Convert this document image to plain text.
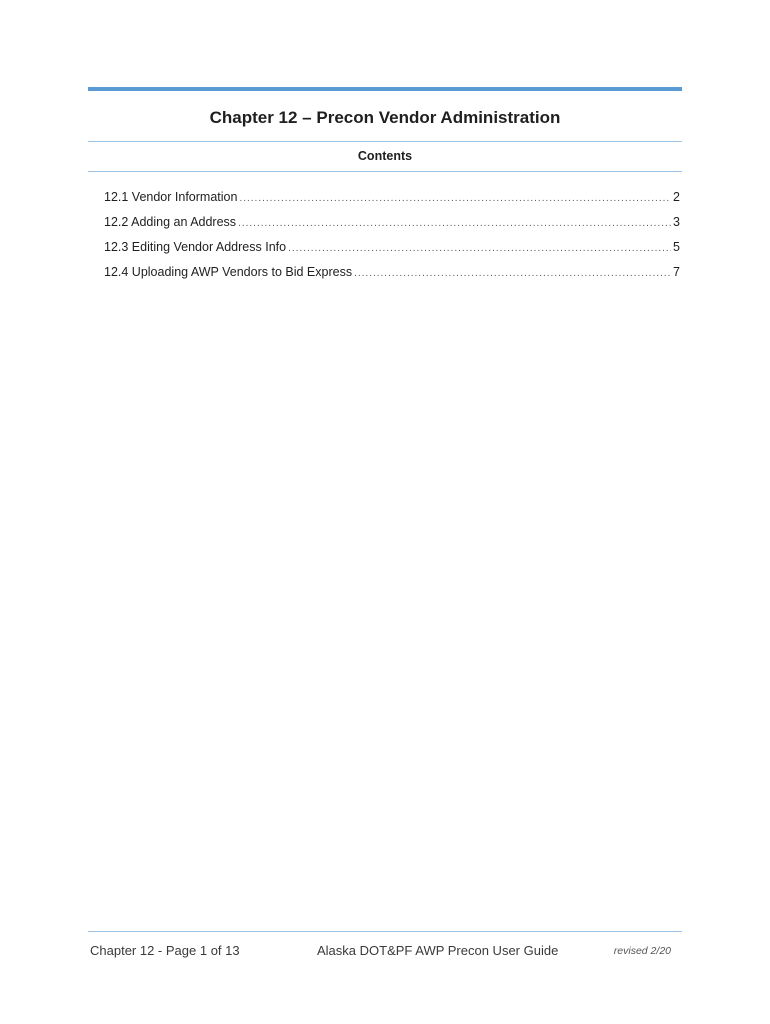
Chapter 12 – Precon Vendor Administration
Contents
12.1 Vendor Information .....	2
12.2 Adding an Address .....	3
12.3 Editing Vendor Address Info .....	5
12.4 Uploading AWP Vendors to Bid Express .....	7
Chapter 12 - Page 1 of 13	Alaska DOT&PF AWP Precon User Guide	revised 2/20
